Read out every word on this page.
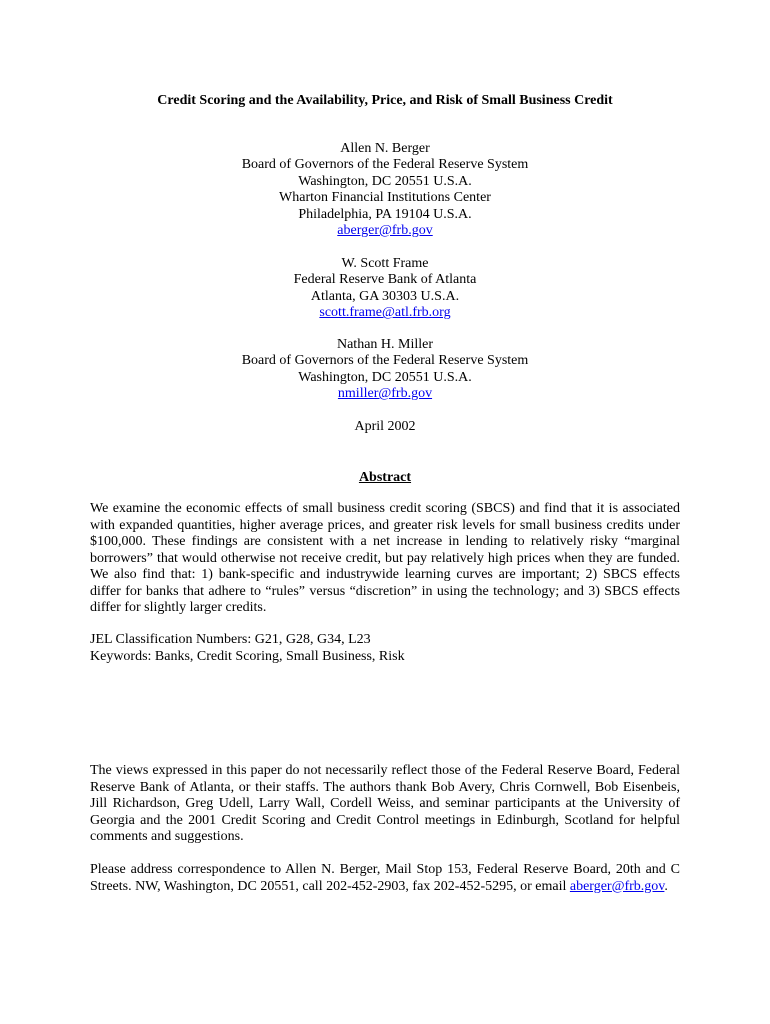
Credit Scoring and the Availability, Price, and Risk of Small Business Credit
Allen N. Berger
Board of Governors of the Federal Reserve System
Washington, DC 20551 U.S.A.
Wharton Financial Institutions Center
Philadelphia, PA 19104 U.S.A.
aberger@frb.gov
W. Scott Frame
Federal Reserve Bank of Atlanta
Atlanta, GA 30303 U.S.A.
scott.frame@atl.frb.org
Nathan H. Miller
Board of Governors of the Federal Reserve System
Washington, DC 20551 U.S.A.
nmiller@frb.gov
April 2002
Abstract

We examine the economic effects of small business credit scoring (SBCS) and find that it is associated with expanded quantities, higher average prices, and greater risk levels for small business credits under $100,000. These findings are consistent with a net increase in lending to relatively risky “marginal borrowers” that would otherwise not receive credit, but pay relatively high prices when they are funded. We also find that: 1) bank-specific and industrywide learning curves are important; 2) SBCS effects differ for banks that adhere to “rules” versus “discretion” in using the technology; and 3) SBCS effects differ for slightly larger credits.

JEL Classification Numbers: G21, G28, G34, L23
Keywords: Banks, Credit Scoring, Small Business, Risk

The views expressed in this paper do not necessarily reflect those of the Federal Reserve Board, Federal Reserve Bank of Atlanta, or their staffs. The authors thank Bob Avery, Chris Cornwell, Bob Eisenbeis, Jill Richardson, Greg Udell, Larry Wall, Cordell Weiss, and seminar participants at the University of Georgia and the 2001 Credit Scoring and Credit Control meetings in Edinburgh, Scotland for helpful comments and suggestions.

Please address correspondence to Allen N. Berger, Mail Stop 153, Federal Reserve Board, 20th and C Streets. NW, Washington, DC 20551, call 202-452-2903, fax 202-452-5295, or email aberger@frb.gov.
